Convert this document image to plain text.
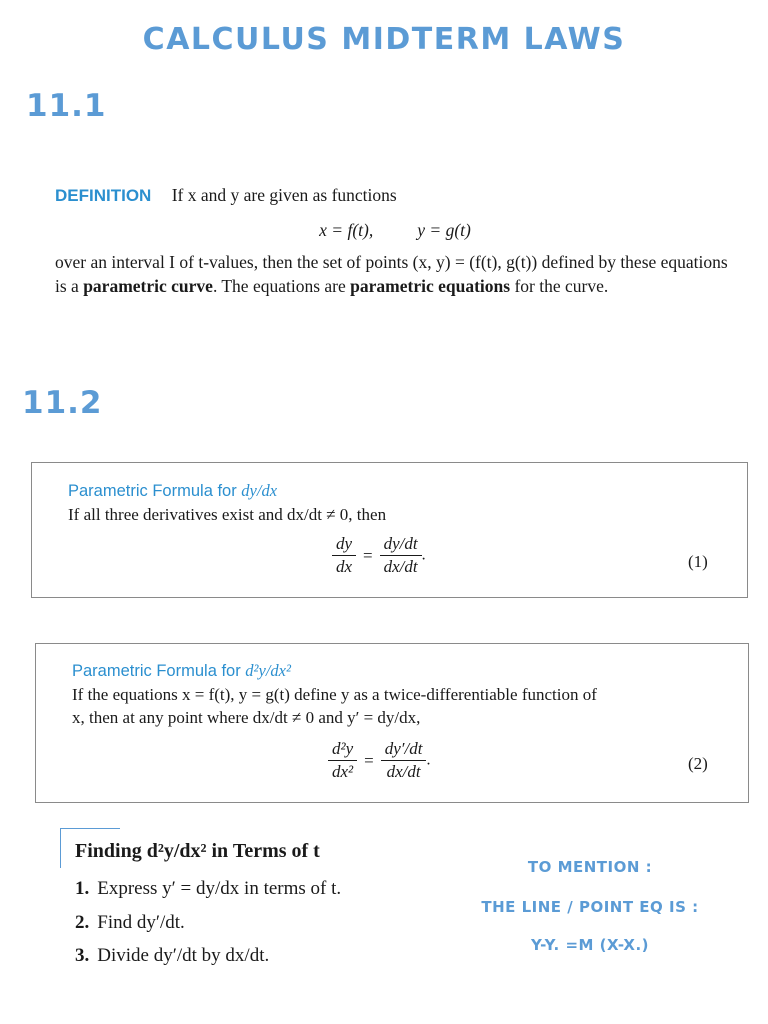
CALCULUS MIDTERM LAWS
11.1
DEFINITION If x and y are given as functions
x = f(t),	y = g(t)
over an interval I of t-values, then the set of points (x, y) = (f(t), g(t)) defined by these equations is a parametric curve. The equations are parametric equations for the curve.
11.2
Parametric Formula for dy/dx
If all three derivatives exist and dx/dt ≠ 0, then
$\frac{dy}{dx} = \frac{dy/dt}{dx/dt}$ .	(1)
Parametric Formula for d²y/dx²
If the equations x = f(t), y = g(t) define y as a twice-differentiable function of
x, then at any point where dx/dt ≠ 0 and y′ = dy/dx,
$\frac{\text{d²y}}{\text{dx²}} = \frac{dy'/dt}{dx/dt}$ .	(2)
Finding d²y/dx² in Terms of t
1. Express y′ = dy/dx in terms of t.
2. Find dy′/dt.
3. Divide dy′/dt by dx/dt.
TO MENTION :
THE LINE / POINT EQ IS :
Y-Y. =M (X-X.)
